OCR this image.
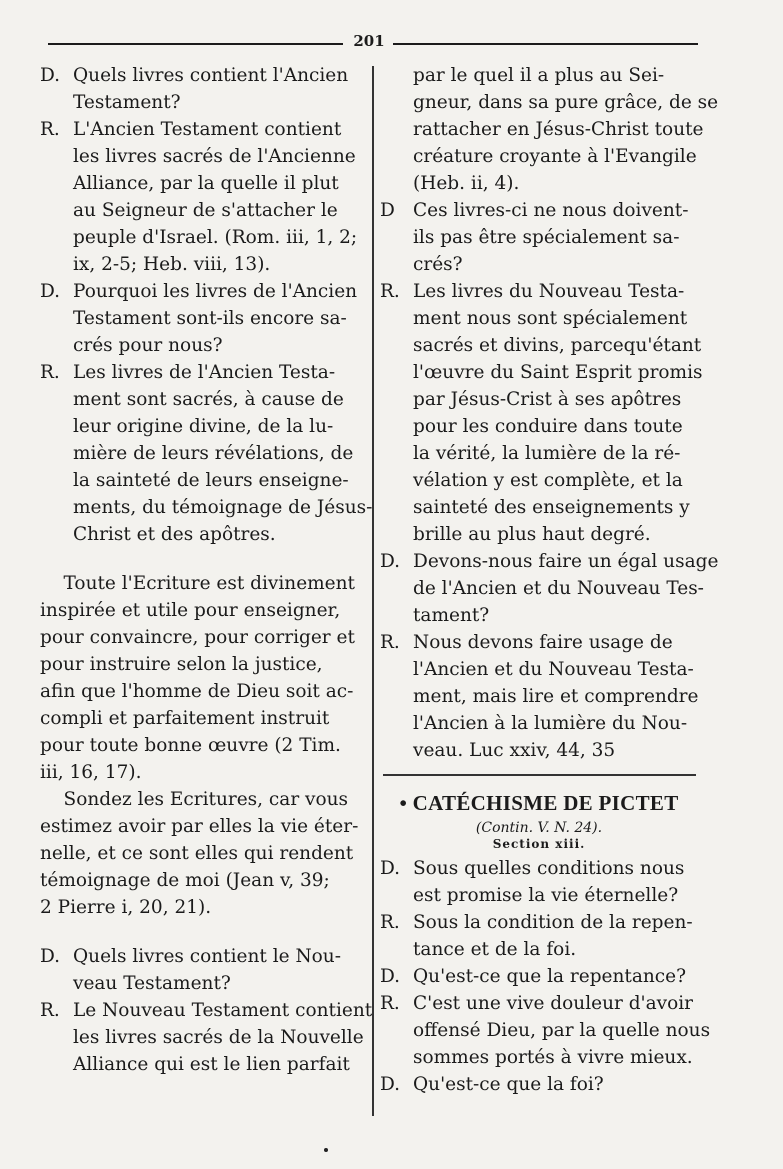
201
D. Quels livres contient l'Ancien
Testament?
R. L'Ancien Testament contient
les livres sacrés de l'Ancienne
Alliance, par la quelle il plut
au Seigneur de s'attacher le
peuple d'Israel. (Rom. iii, 1, 2;
ix, 2-5; Heb. viii, 13).
D. Pourquoi les livres de l'Ancien
Testament sont-ils encore sa-
crés pour nous?
R. Les livres de l'Ancien Testa-
ment sont sacrés, à cause de
leur origine divine, de la lu-
mière de leurs révélations, de
la sainteté de leurs enseigne-
ments, du témoignage de Jésus-
Christ et des apôtres.
Toute l'Ecriture est divinement
inspirée et utile pour enseigner,
pour convaincre, pour corriger et
pour instruire selon la justice,
afin que l'homme de Dieu soit ac-
compli et parfaitement instruit
pour toute bonne œuvre (2 Tim.
iii, 16, 17).
Sondez les Ecritures, car vous
estimez avoir par elles la vie éter-
nelle, et ce sont elles qui rendent
témoignage de moi (Jean v, 39;
2 Pierre i, 20, 21).
D. Quels livres contient le Nou-
veau Testament?
R. Le Nouveau Testament contient
les livres sacrés de la Nouvelle
Alliance qui est le lien parfait
par le quel il a plus au Sei-
gneur, dans sa pure grâce, de se
rattacher en Jésus-Christ toute
créature croyante à l'Evangile
(Heb. ii, 4).
D Ces livres-ci ne nous doivent-
ils pas être spécialement sa-
crés?
R. Les livres du Nouveau Testa-
ment nous sont spécialement
sacrés et divins, parcequ'étant
l'œuvre du Saint Esprit promis
par Jésus-Crist à ses apôtres
pour les conduire dans toute
la vérité, la lumière de la ré-
vélation y est complète, et la
sainteté des enseignements y
brille au plus haut degré.
D. Devons-nous faire un égal usage
de l'Ancien et du Nouveau Tes-
tament?
R. Nous devons faire usage de
l'Ancien et du Nouveau Testa-
ment, mais lire et comprendre
l'Ancien à la lumière du Nou-
veau. Luc xxiv, 44, 35
• CATÉCHISME DE PICTET
(Contin. V. N. 24).
Section xiii.
D. Sous quelles conditions nous
est promise la vie éternelle?
R. Sous la condition de la repen-
tance et de la foi.
D. Qu'est-ce que la repentance?
R. C'est une vive douleur d'avoir
offensé Dieu, par la quelle nous
sommes portés à vivre mieux.
D. Qu'est-ce que la foi?
